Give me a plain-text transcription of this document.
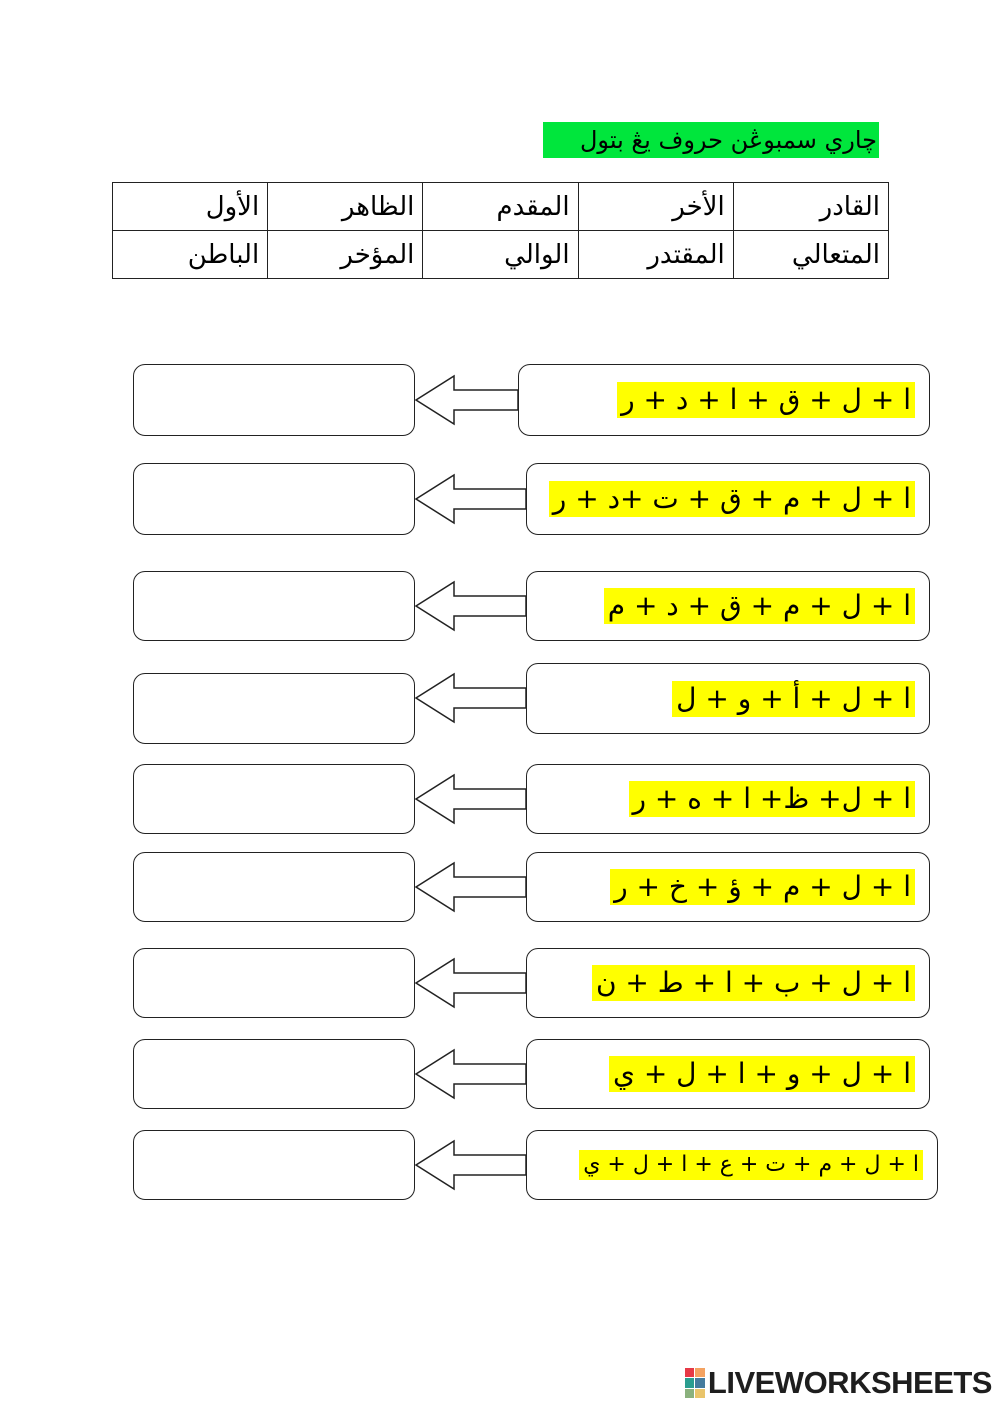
چاري سمبوڠن حروف يڠ بتول
الأول	الظاهر	المقدم	الأخر	القادر
الباطن	المؤخر	الوالي	المقتدر	المتعالي
ا + ل + ق + ا + د + ر
ا + ل + م + ق + ت +د + ر
ا + ل + م + ق + د + م
ا + ل + أ + و + ل
ا + ل+ ظ+ ا + ه + ر
ا + ل + م + ؤ + خ + ر
ا + ل + ب + ا + ط + ن
ا + ل + و + ا + ل + ي
ا + ل + م + ت + ع + ا + ل + ي
LIVEWORKSHEETS
